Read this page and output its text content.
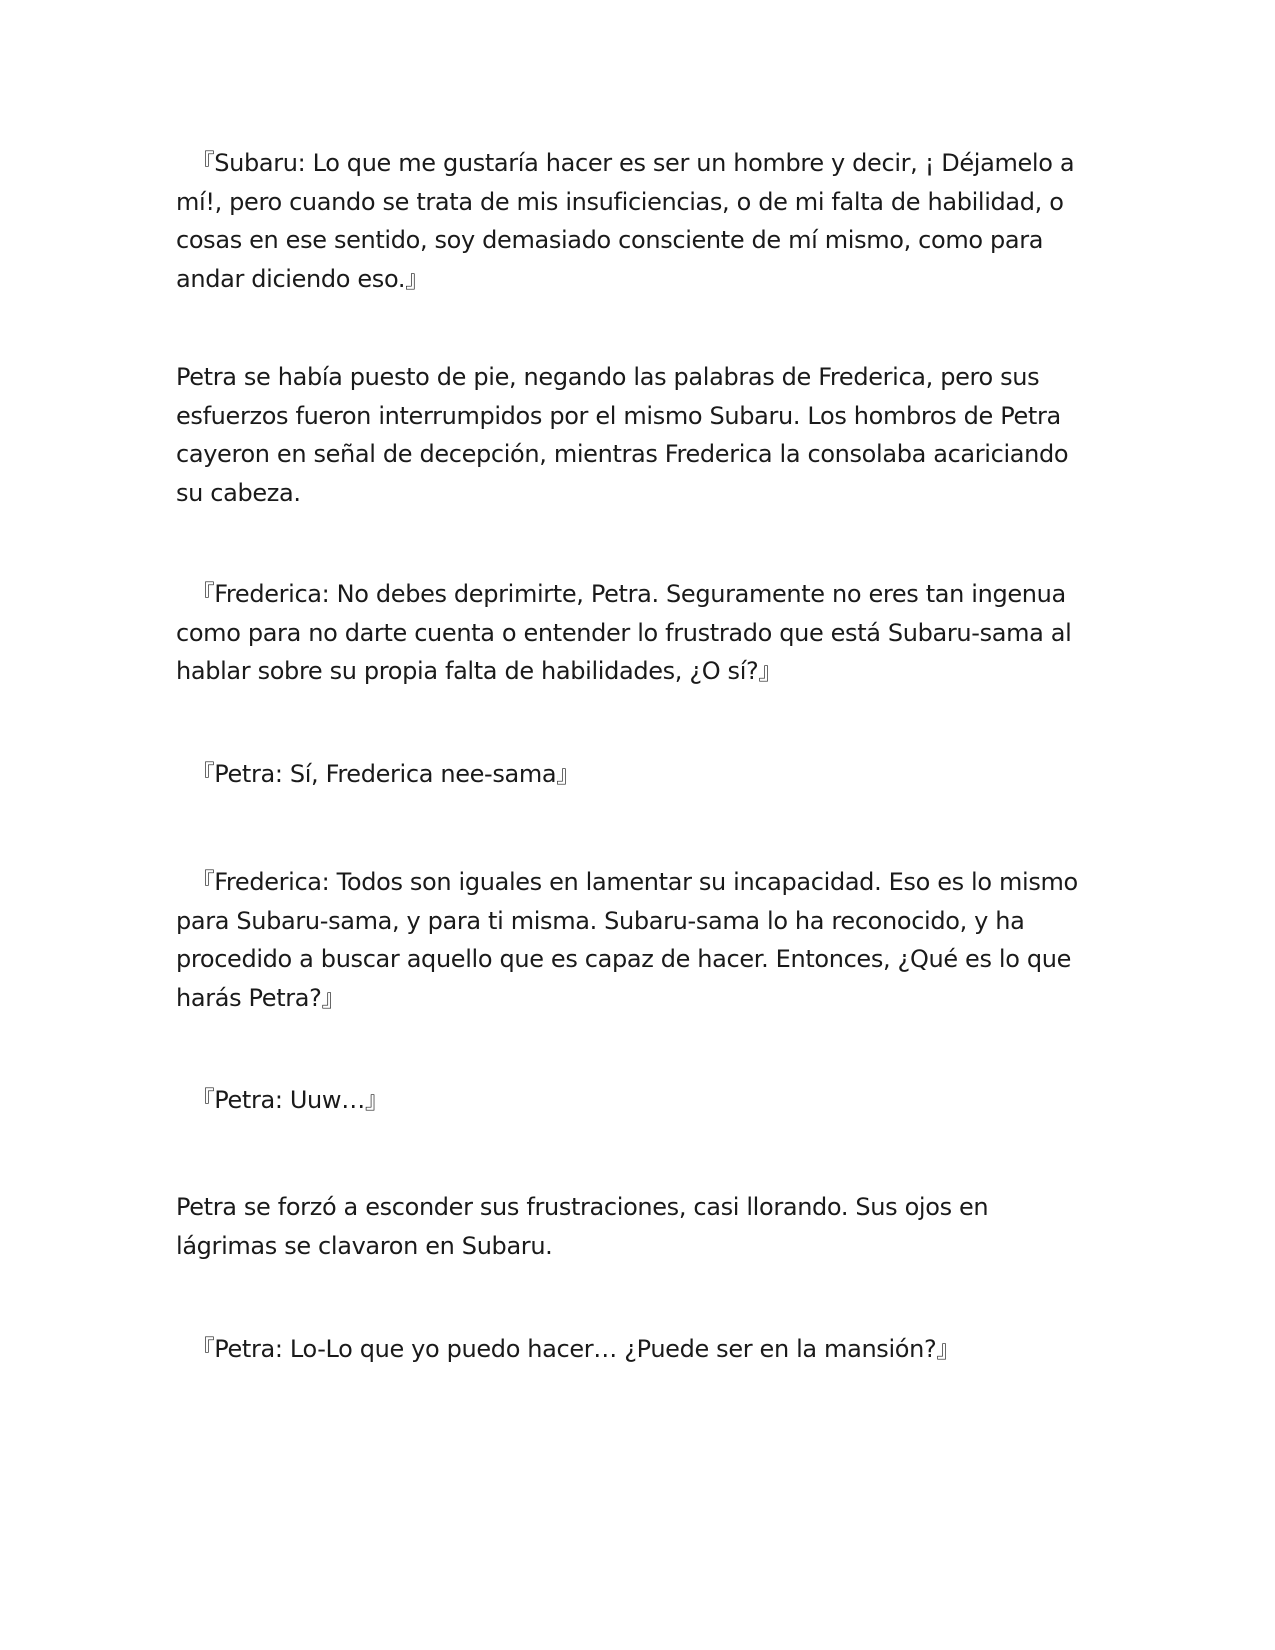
『Subaru: Lo que me gustaría hacer es ser un hombre y decir, ¡ Déjamelo a mí!, pero cuando se trata de mis insuficiencias, o de mi falta de habilidad, o cosas en ese sentido, soy demasiado consciente de mí mismo, como para andar diciendo eso.』

Petra se había puesto de pie, negando las palabras de Frederica, pero sus esfuerzos fueron interrumpidos por el mismo Subaru. Los hombros de Petra cayeron en señal de decepción, mientras Frederica la consolaba acariciando su cabeza.

『Frederica: No debes deprimirte, Petra. Seguramente no eres tan ingenua como para no darte cuenta o entender lo frustrado que está Subaru-sama al hablar sobre su propia falta de habilidades, ¿O sí?』

『Petra: Sí, Frederica nee-sama』

『Frederica: Todos son iguales en lamentar su incapacidad. Eso es lo mismo para Subaru-sama, y para ti misma. Subaru-sama lo ha reconocido, y ha procedido a buscar aquello que es capaz de hacer. Entonces, ¿Qué es lo que harás Petra?』

『Petra: Uuw…』

Petra se forzó a esconder sus frustraciones, casi llorando. Sus ojos en lágrimas se clavaron en Subaru.

『Petra: Lo-Lo que yo puedo hacer… ¿Puede ser en la mansión?』
